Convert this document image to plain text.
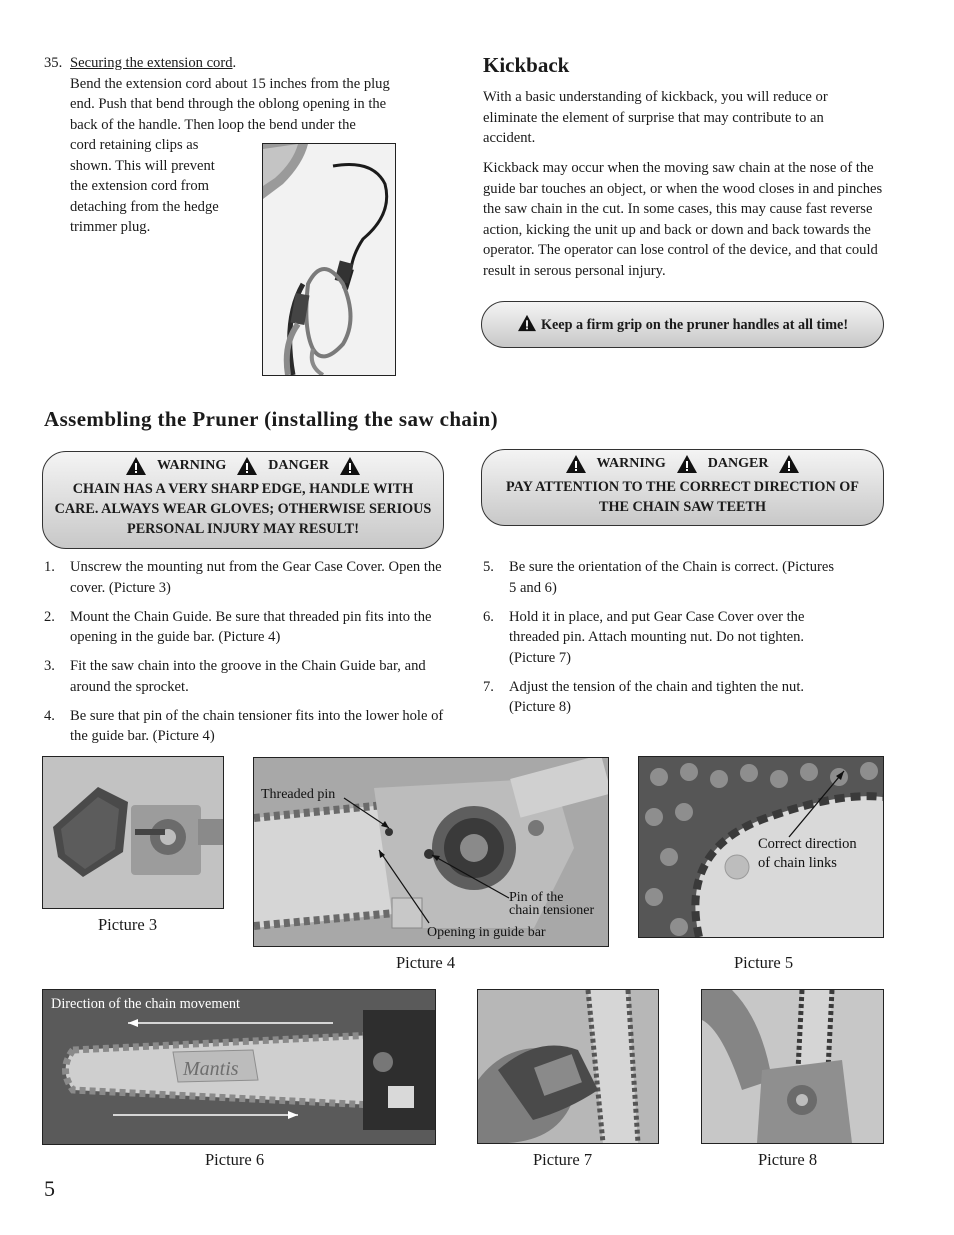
35. Securing the extension cord.
Bend the extension cord about 15 inches from the plug
end. Push that bend through the oblong opening in the
back of the handle. Then loop the bend under the
cord retaining clips as
shown. This will prevent
the extension cord from
detaching from the hedge
trimmer plug.
Kickback
With a basic understanding of kickback, you will reduce or eliminate the element of surprise that may contribute to an accident.
Kickback may occur when the moving saw chain at the nose of the guide bar touches an object, or when the wood closes in and pinches the saw chain in the cut. In some cases, this may cause fast reverse action, kicking the unit up and back or down and back towards the operator. The operator can lose control of the device, and that could result in serous personal injury.
Keep a firm grip on the pruner handles at all time!
Assembling the Pruner (installing the saw chain)
WARNING	DANGER
CHAIN HAS A VERY SHARP EDGE, HANDLE WITH CARE. ALWAYS WEAR GLOVES; OTHERWISE SERIOUS PERSONAL INJURY MAY RESULT!
WARNING	DANGER
PAY ATTENTION TO THE CORRECT DIRECTION OF THE CHAIN SAW TEETH
1. Unscrew the mounting nut from the Gear Case Cover. Open the cover. (Picture 3)
2. Mount the Chain Guide. Be sure that threaded pin fits into the opening in the guide bar. (Picture 4)
3. Fit the saw chain into the groove in the Chain Guide bar, and around the sprocket.
4. Be sure that pin of the chain tensioner fits into the lower hole of the guide bar. (Picture 4)
5. Be sure the orientation of the Chain is correct. (Pictures 5 and 6)
6. Hold it in place, and put Gear Case Cover over the threaded pin. Attach mounting nut. Do not tighten. (Picture 7)
7. Adjust the tension of the chain and tighten the nut. (Picture 8)
Picture 3
Threaded pin
Pin of the
chain tensioner
Opening in guide bar
Picture 4
Correct direction
of chain links
Picture 5
Mantis
Direction of the chain movement
Picture 6	Picture 7	Picture 8
5
